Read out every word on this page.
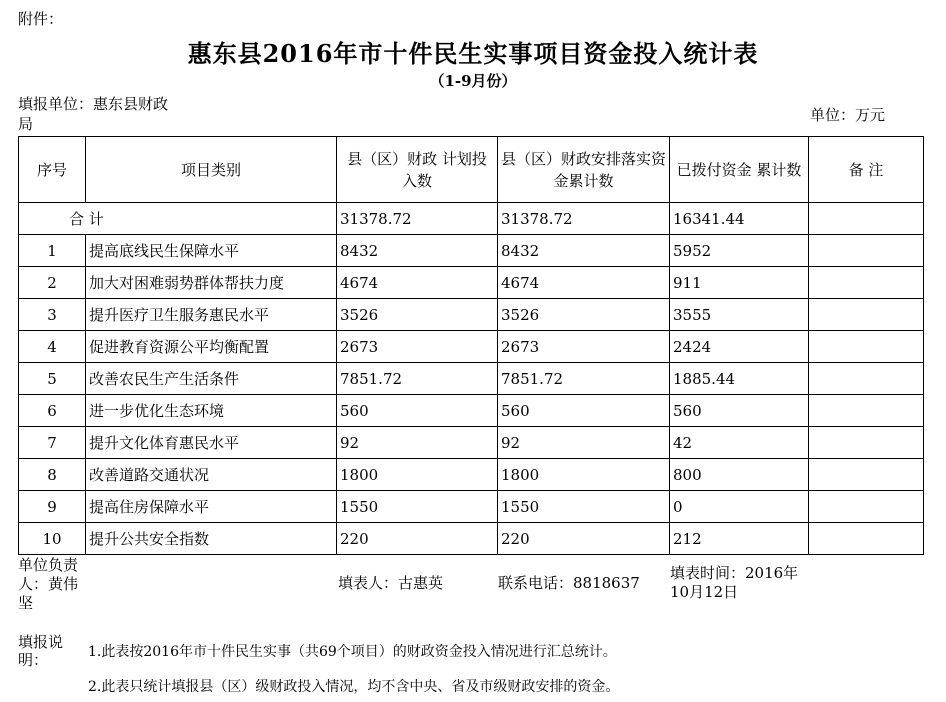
附件：
惠东县2016年市十件民生实事项目资金投入统计表
（1-9月份）
填报单位：惠东县财政局	单位：万元
序号	项目类别	县（区）财政 计划投入数	县（区）财政安排落实资金累计数	已拨付资金 累计数	备 注
合 计		31378.72	31378.72	16341.44	
1	提高底线民生保障水平	8432	8432	5952	
2	加大对困难弱势群体帮扶力度	4674	4674	911	
3	提升医疗卫生服务惠民水平	3526	3526	3555	
4	促进教育资源公平均衡配置	2673	2673	2424	
5	改善农民生产生活条件	7851.72	7851.72	1885.44	
6	进一步优化生态环境	560	560	560	
7	提升文化体育惠民水平	92	92	42	
8	改善道路交通状况	1800	1800	800	
9	提高住房保障水平	1550	1550	0	
10	提升公共安全指数	220	220	212	
单位负责人：黄伟坚
填表人：古惠英	联系电话：8818637
填表时间：2016年10月12日
填报说明：	1.此表按2016年市十件民生实事（共69个项目）的财政资金投入情况进行汇总统计。
2.此表只统计填报县（区）级财政投入情况，均不含中央、省及市级财政安排的资金。
